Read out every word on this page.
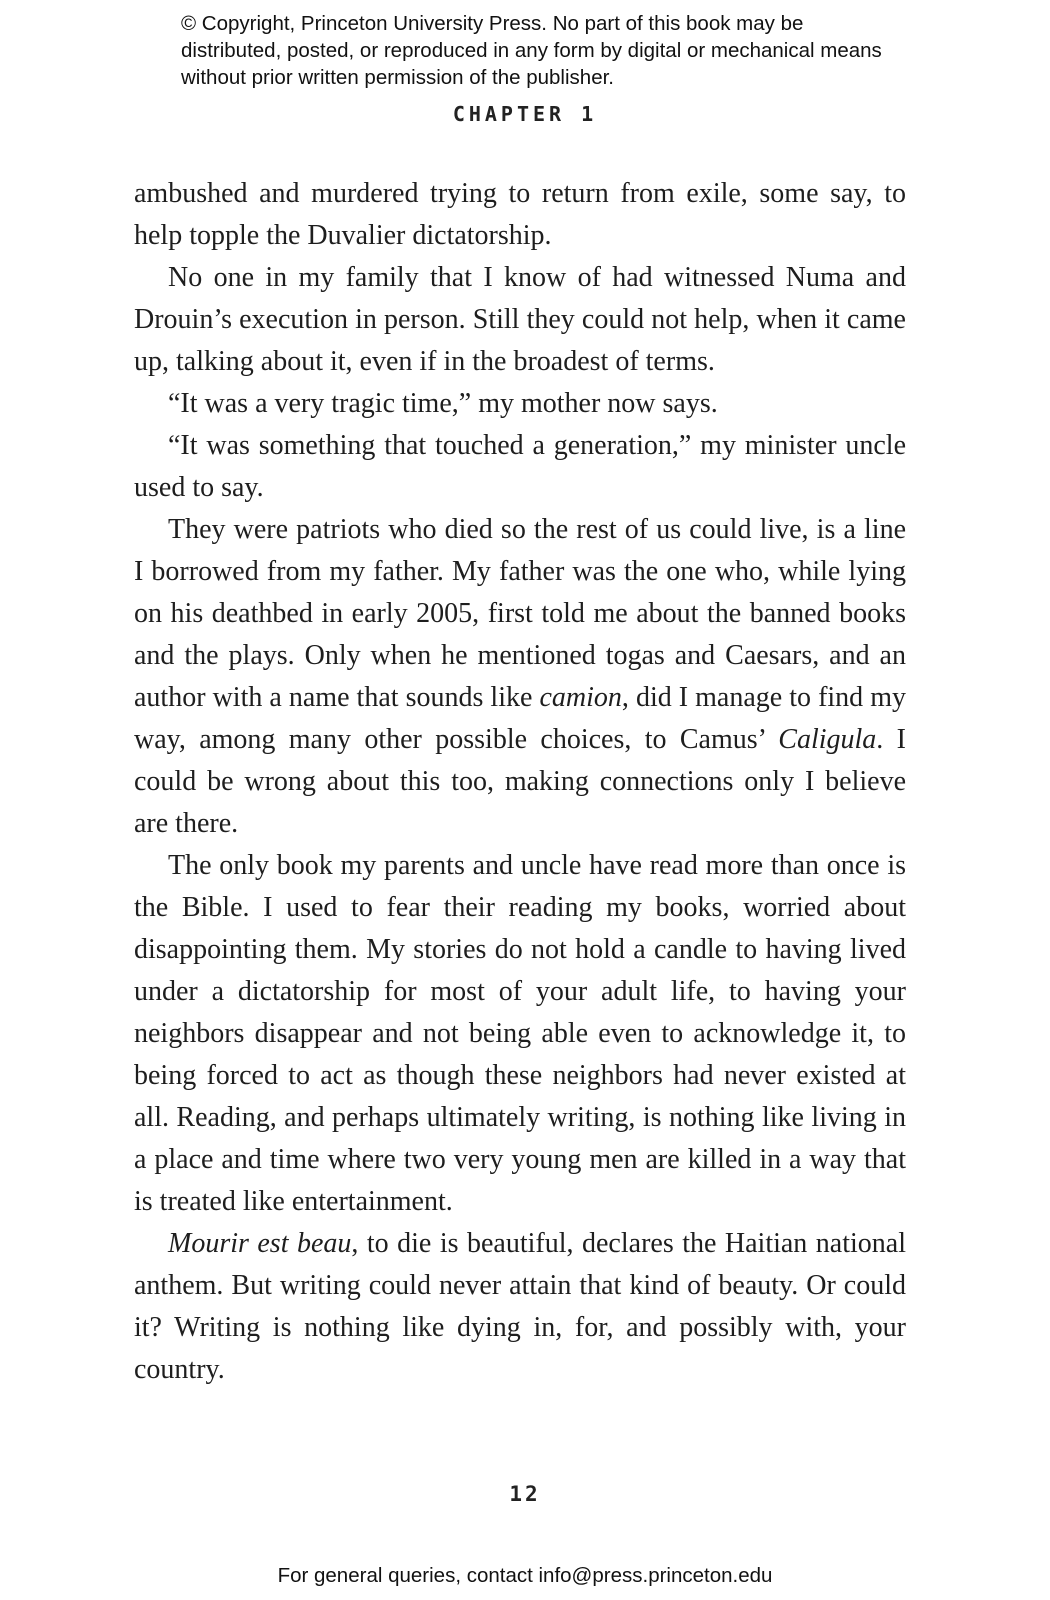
© Copyright, Princeton University Press. No part of this book may be distributed, posted, or reproduced in any form by digital or mechanical means without prior written permission of the publisher.
CHAPTER 1

ambushed and murdered trying to return from exile, some say, to help topple the Duvalier dictatorship.

No one in my family that I know of had witnessed Numa and Drouin’s execution in person. Still they could not help, when it came up, talking about it, even if in the broadest of terms.

“It was a very tragic time,” my mother now says.

“It was something that touched a generation,” my minister uncle used to say.

They were patriots who died so the rest of us could live, is a line I borrowed from my father. My father was the one who, while lying on his deathbed in early 2005, first told me about the banned books and the plays. Only when he mentioned togas and Caesars, and an author with a name that sounds like camion, did I manage to find my way, among many other possible choices, to Camus’ Caligula. I could be wrong about this too, making connections only I believe are there.

The only book my parents and uncle have read more than once is the Bible. I used to fear their reading my books, worried about disappointing them. My stories do not hold a candle to having lived under a dictatorship for most of your adult life, to having your neighbors disappear and not being able even to acknowledge it, to being forced to act as though these neighbors had never existed at all. Reading, and perhaps ultimately writing, is nothing like living in a place and time where two very young men are killed in a way that is treated like entertainment.

Mourir est beau, to die is beautiful, declares the Haitian national anthem. But writing could never attain that kind of beauty. Or could it? Writing is nothing like dying in, for, and possibly with, your country.

12
For general queries, contact info@press.princeton.edu
